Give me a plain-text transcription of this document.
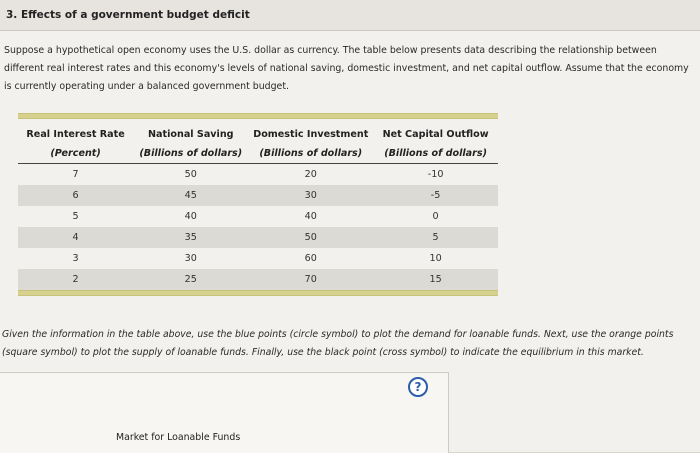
3. Effects of a government budget deficit
Suppose a hypothetical open economy uses the U.S. dollar as currency. The table below presents data describing the relationship between different real interest rates and this economy's levels of national saving, domestic investment, and net capital outflow. Assume that the economy is currently operating under a balanced government budget.
Real Interest Rate	National Saving	Domestic Investment	Net Capital Outflow
(Percent)	(Billions of dollars)	(Billions of dollars)	(Billions of dollars)
7	50	20	-10
6	45	30	-5
5	40	40	0
4	35	50	5
3	30	60	10
2	25	70	15
Given the information in the table above, use the blue points (circle symbol) to plot the demand for loanable funds. Next, use the orange points (square symbol) to plot the supply of loanable funds. Finally, use the black point (cross symbol) to indicate the equilibrium in this market.
?
Market for Loanable Funds
